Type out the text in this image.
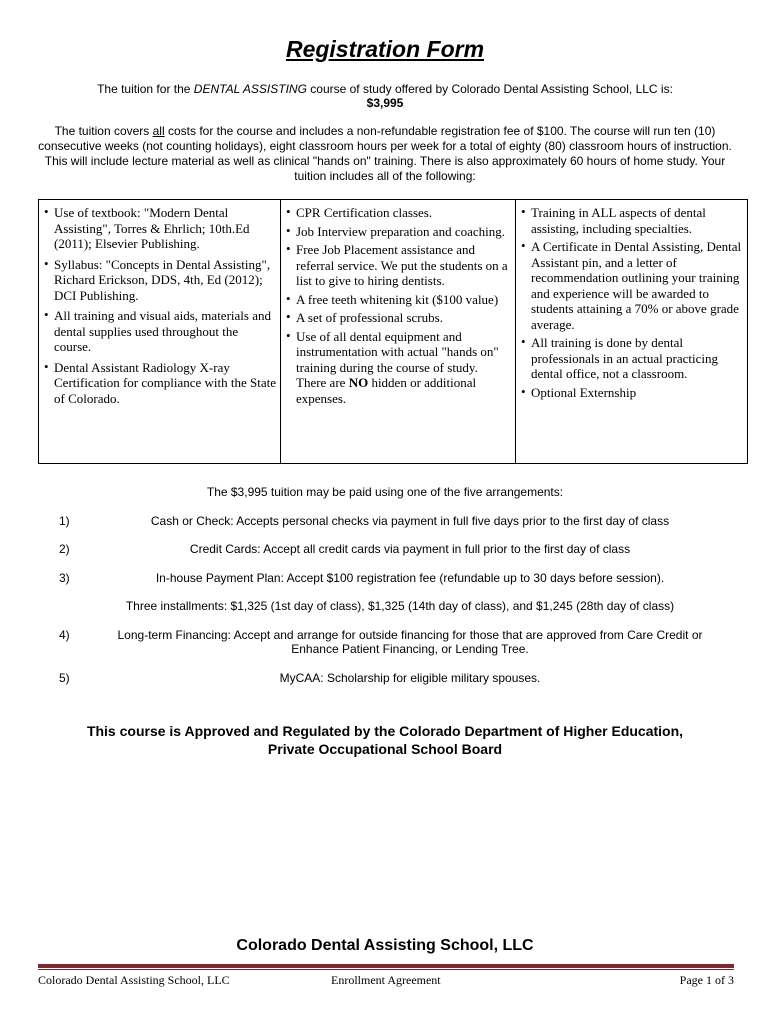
Registration Form
The tuition for the DENTAL ASSISTING course of study offered by Colorado Dental Assisting School, LLC is:
$3,995
The tuition covers all costs for the course and includes a non-refundable registration fee of $100. The course will run ten (10) consecutive weeks (not counting holidays), eight classroom hours per week for a total of eighty (80) classroom hours of instruction. This will include lecture material as well as clinical "hands on" training. There is also approximately 60 hours of home study. Your tuition includes all of the following:
• Use of textbook: "Modern Dental Assisting", Torres & Ehrlich; 10th.Ed (2011); Elsevier Publishing.
• Syllabus: "Concepts in Dental Assisting", Richard Erickson, DDS, 4th, Ed (2012); DCI Publishing.
• All training and visual aids, materials and dental supplies used throughout the course.
• Dental Assistant Radiology X-ray Certification for compliance with the State of Colorado.
• CPR Certification classes.
• Job Interview preparation and coaching.
• Free Job Placement assistance and referral service. We put the students on a list to give to hiring dentists.
• A free teeth whitening kit ($100 value)
• A set of professional scrubs.
• Use of all dental equipment and instrumentation with actual "hands on" training during the course of study. There are NO hidden or additional expenses.
• Training in ALL aspects of dental assisting, including specialties.
• A Certificate in Dental Assisting, Dental Assistant pin, and a letter of recommendation outlining your training and experience will be awarded to students attaining a 70% or above grade average.
• All training is done by dental professionals in an actual practicing dental office, not a classroom.
• Optional Externship
The $3,995 tuition may be paid using one of the five arrangements:
1)	Cash or Check: Accepts personal checks via payment in full five days prior to the first day of class
2)	Credit Cards: Accept all credit cards via payment in full prior to the first day of class
3)	In-house Payment Plan: Accept $100 registration fee (refundable up to 30 days before session).
Three installments: $1,325 (1st day of class), $1,325 (14th day of class), and $1,245 (28th day of class)
4)	Long-term Financing: Accept and arrange for outside financing for those that are approved from Care Credit or Enhance Patient Financing, or Lending Tree.
5)	MyCAA: Scholarship for eligible military spouses.
This course is Approved and Regulated by the Colorado Department of Higher Education,
Private Occupational School Board
Colorado Dental Assisting School, LLC
Colorado Dental Assisting School, LLC	Enrollment Agreement	Page 1 of 3
